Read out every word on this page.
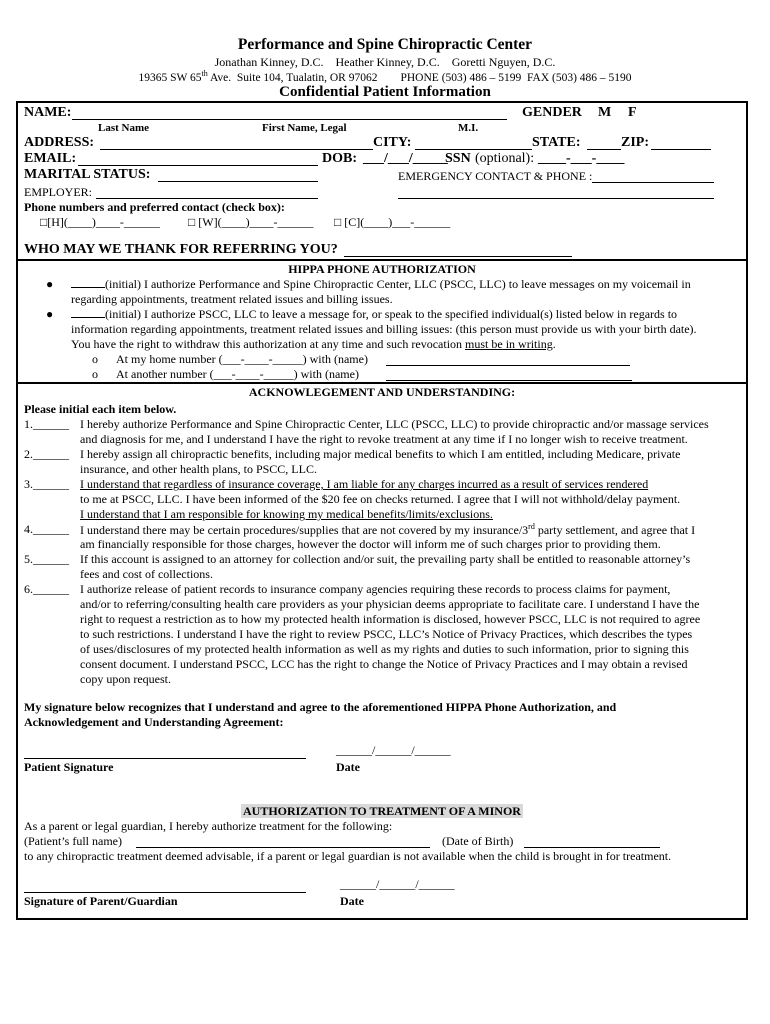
Performance and Spine Chiropractic Center
Jonathan Kinney, D.C.    Heather Kinney, D.C.    Goretti Nguyen, D.C.
19365 SW 65th Ave.  Suite 104, Tualatin, OR 97062        PHONE (503) 486 – 5199  FAX (503) 486 – 5190
Confidential Patient Information
NAME:	GENDER M F
Last Name	First Name, Legal	M.I.
ADDRESS:	CITY:	STATE:	ZIP:
EMAIL:	DOB: ___/___/_____
SSN (optional): ____-___-____
MARITAL STATUS:	EMERGENCY CONTACT & PHONE :
EMPLOYER:
Phone numbers and preferred contact (check box):
□[H](____)____-______ □ [W](____)____-______ □ [C](____)___-______
WHO MAY WE THANK FOR REFERRING YOU?
HIPPA PHONE AUTHORIZATION
●	(initial) I authorize Performance and Spine Chiropractic Center, LLC (PSCC, LLC) to leave messages on my voicemail in
regarding appointments, treatment related issues and billing issues.
●	(initial) I authorize PSCC, LLC to leave a message for, or speak to the specified individual(s) listed below in regards to
information regarding appointments, treatment related issues and billing issues: (this person must provide us with your birth date).
You have the right to withdraw this authorization at any time and such revocation must be in writing.
o At my home number (___-____-_____) with (name)
o At another number (___-____-_____) with (name)
ACKNOWLEGEMENT AND UNDERSTANDING:
Please initial each item below.
1.______ I hereby authorize Performance and Spine Chiropractic Center, LLC (PSCC, LLC) to provide chiropractic and/or massage services
and diagnosis for me, and I understand I have the right to revoke treatment at any time if I no longer wish to receive treatment.
2.______ I hereby assign all chiropractic benefits, including major medical benefits to which I am entitled, including Medicare, private
insurance, and other health plans, to PSCC, LLC.
3.______ I understand that regardless of insurance coverage, I am liable for any charges incurred as a result of services rendered
to me at PSCC, LLC. I have been informed of the $20 fee on checks returned. I agree that I will not withhold/delay payment.
I understand that I am responsible for knowing my medical benefits/limits/exclusions.
4.______ I understand there may be certain procedures/supplies that are not covered by my insurance/3rd party settlement, and agree that I
am financially responsible for those charges, however the doctor will inform me of such charges prior to providing them.
5.______ If this account is assigned to an attorney for collection and/or suit, the prevailing party shall be entitled to reasonable attorney’s
fees and cost of collections.
6.______ I authorize release of patient records to insurance company agencies requiring these records to process claims for payment,
and/or to referring/consulting health care providers as your physician deems appropriate to facilitate care. I understand I have the
right to request a restriction as to how my protected health information is disclosed, however PSCC, LLC is not required to agree
to such restrictions. I understand I have the right to review PSCC, LLC’s Notice of Privacy Practices, which describes the types
of uses/disclosures of my protected health information as well as my rights and duties to such information, prior to signing this
consent document. I understand PSCC, LCC has the right to change the Notice of Privacy Practices and I may obtain a revised
copy upon request.
My signature below recognizes that I understand and agree to the aforementioned HIPPA Phone Authorization, and
Acknowledgement and Understanding Agreement:
______/______/______
Patient Signature	Date
AUTHORIZATION TO TREATMENT OF A MINOR
As a parent or legal guardian, I hereby authorize treatment for the following:
(Patient’s full name)	(Date of Birth)
to any chiropractic treatment deemed advisable, if a parent or legal guardian is not available when the child is brought in for treatment.
______/______/______
Signature of Parent/Guardian	Date
